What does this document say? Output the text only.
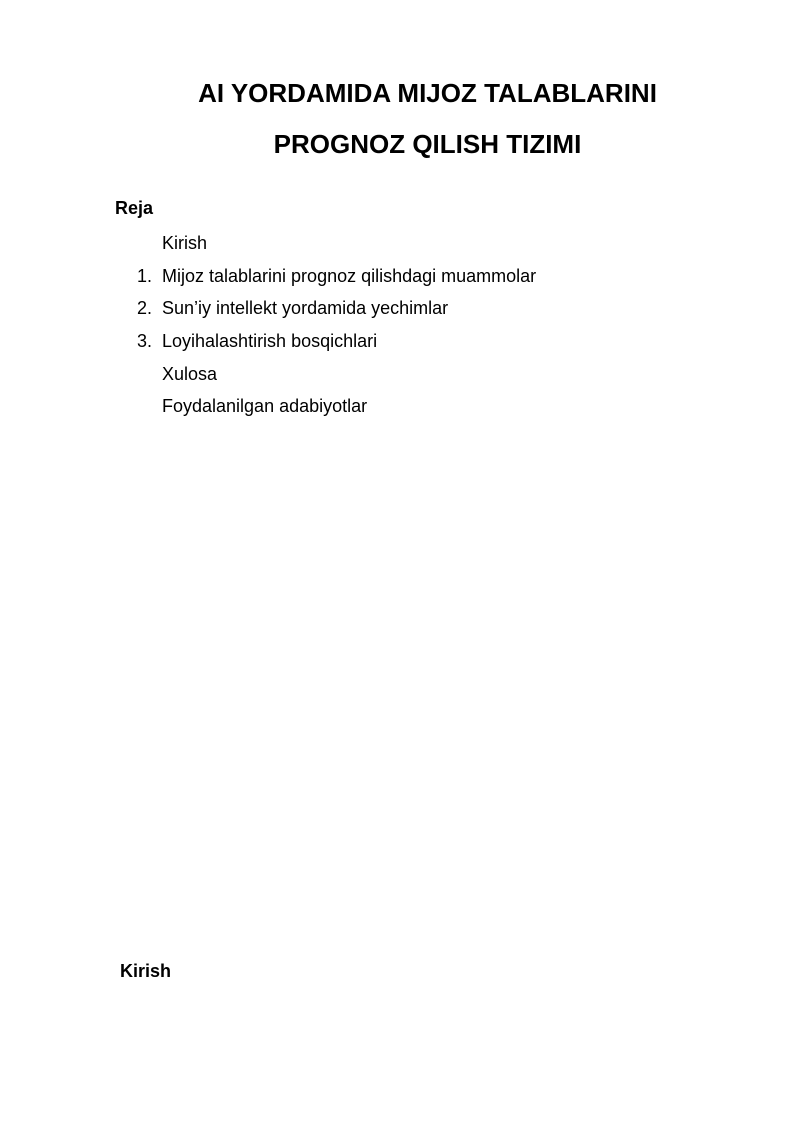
AI YORDAMIDA MIJOZ TALABLARINI
PROGNOZ QILISH TIZIMI
Reja
Kirish
1. Mijoz talablarini prognoz qilishdagi muammolar
2. Sun’iy intellekt yordamida yechimlar
3. Loyihalashtirish bosqichlari
Xulosa
Foydalanilgan adabiyotlar
Kirish
